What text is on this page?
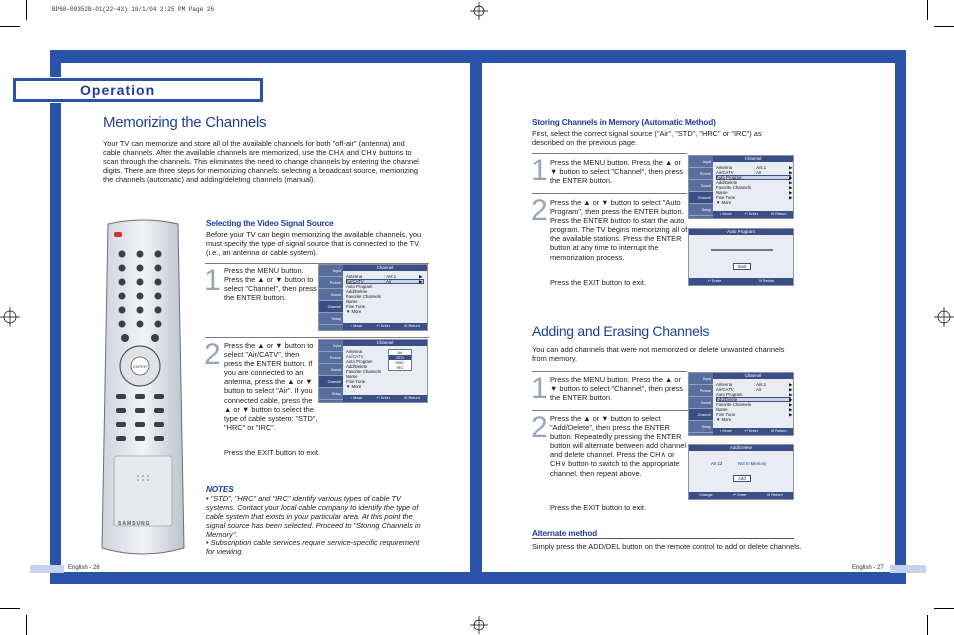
BP68-00352B-01(22~43) 10/1/04 2:25 PM Page 26
Operation
Memorizing the Channels
Your TV can memorize and store all of the available channels for both "off-air" (antenna) and cable channels. After the available channels are memorized, use the CH∧ and CH∨ buttons to scan through the channels. This eliminates the need to change channels by entering the channel digits. There are three steps for memorizing channels: selecting a broadcast source, memorizing the channels (automatic) and adding/deleting channels (manual).
ENTER
SAMSUNG
Selecting the Video Signal Source
Before your TV can begin memorizing the available channels, you must specify the type of signal source that is connected to the TV (i.e., an antenna or cable system).
1 Press the MENU button. Press the ▲ or ▼ button to select "Channel", then press the ENTER button.
Input
Picture
Sound
Channel
Setup
Channel
Antenna	: Ant.1	▶
Air/CATV	: Air	▶
Auto Program
Add/Delete
Favorite Channels
Name
Fine Tune
▼ More
↕ Move	↵ Enter	III Return
2 Press the ▲ or ▼ button to select "Air/CATV", then press the ENTER button. If you are connected to an antenna, press the ▲ or ▼ button to select "Air". If you connected cable, press the ▲ or ▼ button to select the type of cable system: "STD", "HRC" or "IRC".
Press the EXIT button to exit.
Input
Picture
Sound
Channel
Setup
Channel
Antenna
Air/CATV
Auto Program
Add/Delete
Favorite Channels
Name
Fine Tune
▼ More
Air
STD
HRC
IRC
↕ Move	↵ Enter	III Return
NOTES
• "STD", "HRC" and "IRC" identify various types of cable TV systems. Contact your local cable company to identify the type of cable system that exists in your particular area. At this point the signal source has been selected. Proceed to "Storing Channels in Memory".
• Subscription cable services require service-specific requirement for viewing.
English - 26
Storing Channels in Memory (Automatic Method)
First, select the correct signal source ("Air", "STD", "HRC" or "IRC") as described on the previous page.
1 Press the MENU button. Press the ▲ or ▼ button to select "Channel", then press the ENTER button.
2 Press the ▲ or ▼ button to select "Auto Program", then press the ENTER button. Press the ENTER button to start the auto program. The TV begins memorizing all of the available stations. Press the ENTER button at any time to interrupt the memorization process.
Press the EXIT button to exit.
Input
Picture
Sound
Channel
Setup
Channel
Antenna	: Ant.1	▶
Air/CATV	: Air	▶
Auto Program	▶
Add/Delete	▶
Favorite Channels	▶
Name	▶
Fine Tune	▶
▼ More
↕ Move	↵ Enter	III Return
Auto Program
Start
↵ Enter	III Return
Adding and Erasing Channels
You can add channels that were not memorized or delete unwanted channels from memory.
1 Press the MENU button. Press the ▲ or ▼ button to select "Channel", then press the ENTER button.
2 Press the ▲ or ▼ button to select "Add/Delete", then press the ENTER button. Repeatedly pressing the ENTER button will alternate between add channel and delete channel. Press the CH∧ or CH∨ button to switch to the appropriate channel, then repeat above.
Press the EXIT button to exit.
Input
Picture
Sound
Channel
Setup
Channel
Antenna	: Ant.1	▶
Air/CATV	: Air	▶
Auto Program	▶
Add/Delete	▶
Favorite Channels	▶
Name	▶
Fine Tune	▶
▼ More
↕ Move	↵ Enter	III Return
Add/Delete
Air 12	Not In Memory
Add
Change	↵ Enter	III Return
Alternate method
Simply press the ADD/DEL button on the remote control to add or delete channels.
English - 27
